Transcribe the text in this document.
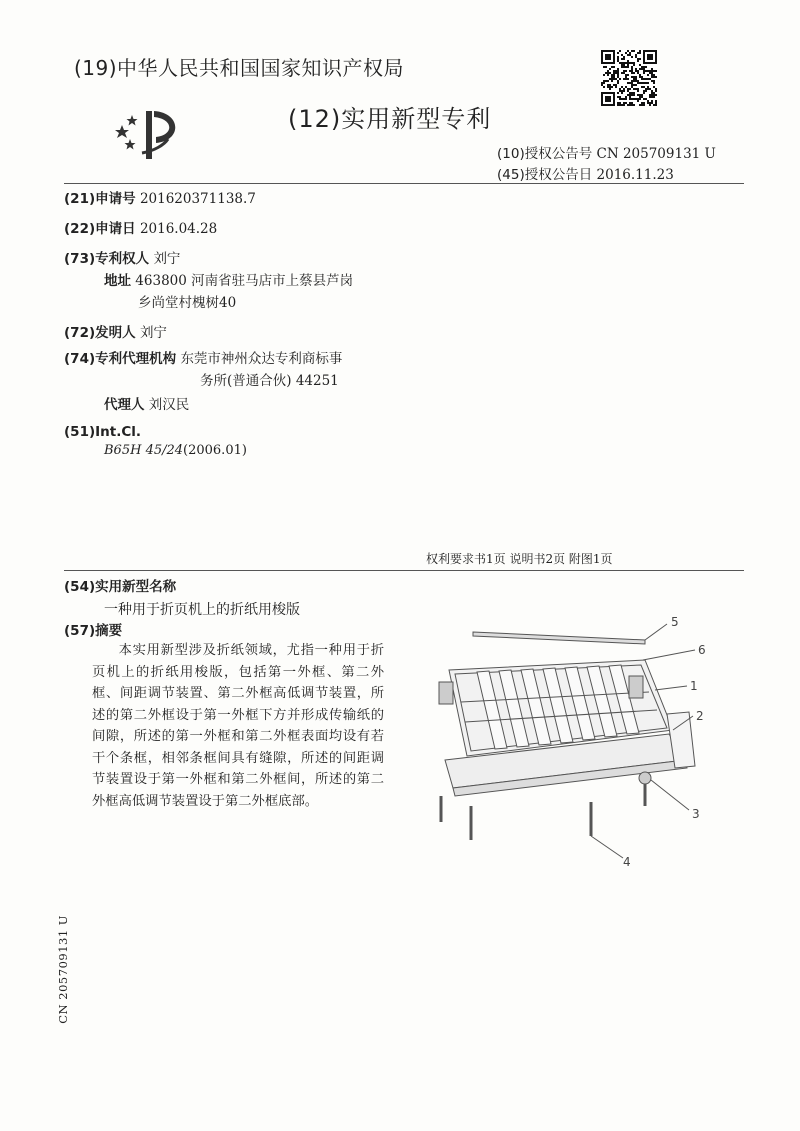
(19)中华人民共和国国家知识产权局
(12)实用新型专利
(10)授权公告号 CN 205709131 U
(45)授权公告日 2016.11.23
(21)申请号 201620371138.7
(22)申请日 2016.04.28
(73)专利权人 刘宁
地址 463800 河南省驻马店市上蔡县芦岗
乡尚堂村槐树40
(72)发明人 刘宁
(74)专利代理机构 东莞市神州众达专利商标事
务所(普通合伙) 44251
代理人 刘汉民
(51)Int.Cl.
B65H 45/24(2006.01)
权利要求书1页 说明书2页 附图1页
(54)实用新型名称
一种用于折页机上的折纸用梭版
(57)摘要
本实用新型涉及折纸领域，尤指一种用于折页机上的折纸用梭版，包括第一外框、第二外框、间距调节装置、第二外框高低调节装置，所述的第二外框设于第一外框下方并形成传输纸的间隙，所述的第一外框和第二外框表面均设有若干个条框，相邻条框间具有缝隙，所述的间距调节装置设于第一外框和第二外框间，所述的第二外框高低调节装置设于第二外框底部。
5
6
1
2
3
4
CN 205709131 U
